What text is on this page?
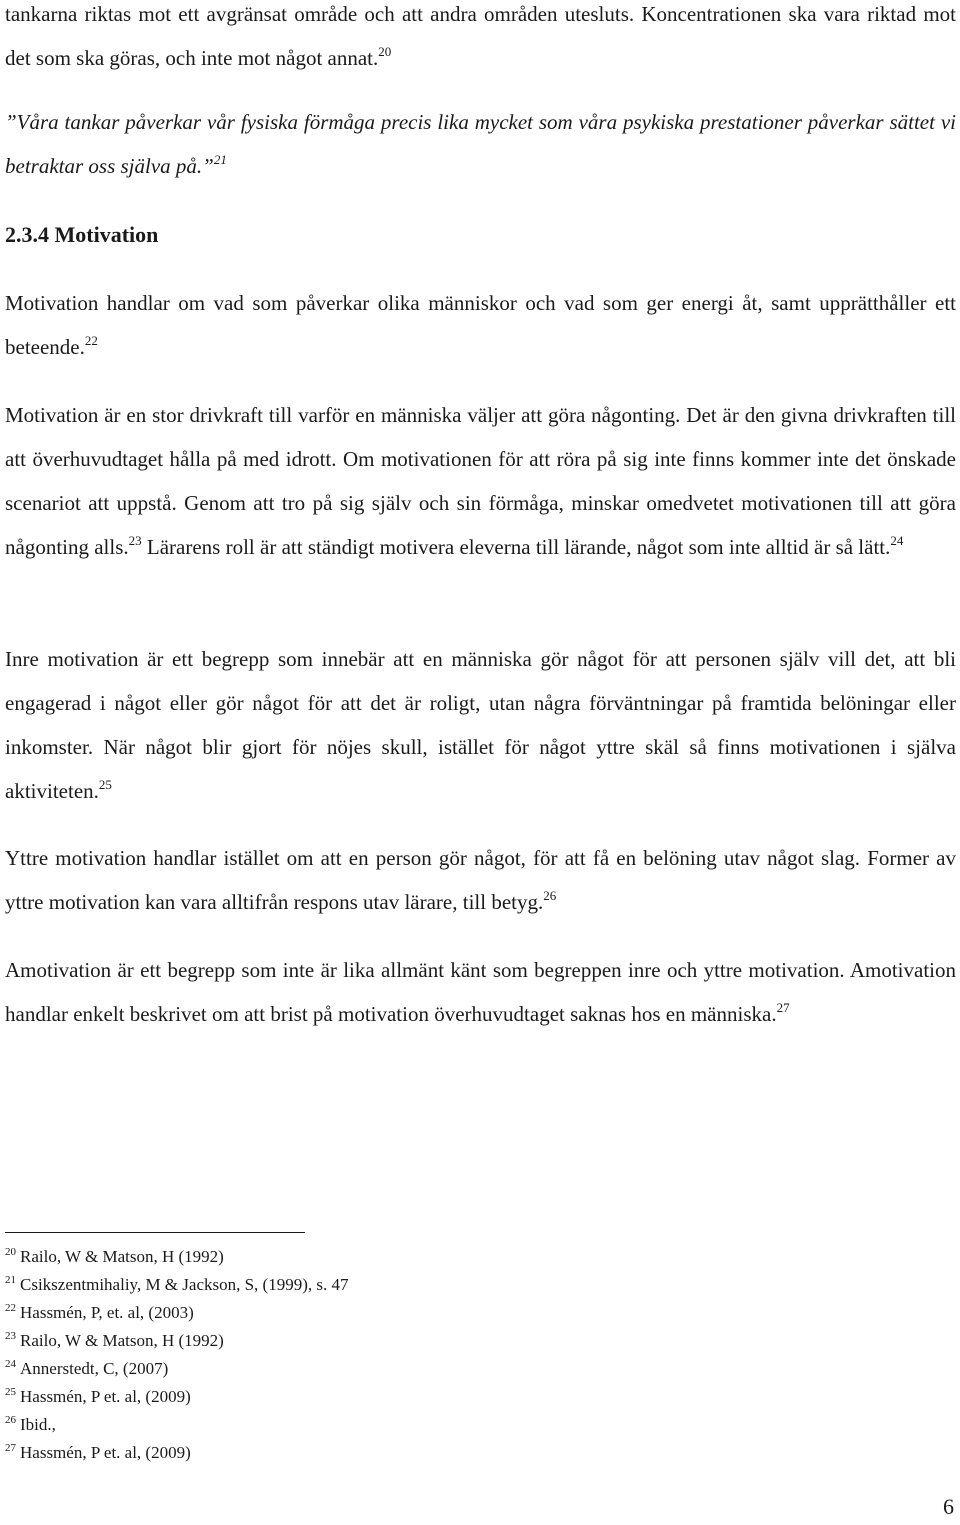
tankarna riktas mot ett avgränsat område och att andra områden utesluts. Koncentrationen ska vara riktad mot det som ska göras, och inte mot något annat.$^{20}$

”Våra tankar påverkar vår fysiska förmåga precis lika mycket som våra psykiska prestationer påverkar sättet vi betraktar oss själva på.”$^{21}$

2.3.4 Motivation

Motivation handlar om vad som påverkar olika människor och vad som ger energi åt, samt upprätthåller ett beteende.$^{22}$

Motivation är en stor drivkraft till varför en människa väljer att göra någonting. Det är den givna drivkraften till att överhuvudtaget hålla på med idrott. Om motivationen för att röra på sig inte finns kommer inte det önskade scenariot att uppstå. Genom att tro på sig själv och sin förmåga, minskar omedvetet motivationen till att göra någonting alls.$^{23}$ Lärarens roll är att ständigt motivera eleverna till lärande, något som inte alltid är så lätt.$^{24}$

Inre motivation är ett begrepp som innebär att en människa gör något för att personen själv vill det, att bli engagerad i något eller gör något för att det är roligt, utan några förväntningar på framtida belöningar eller inkomster. När något blir gjort för nöjes skull, istället för något yttre skäl så finns motivationen i själva aktiviteten.$^{25}$

Yttre motivation handlar istället om att en person gör något, för att få en belöning utav något slag. Former av yttre motivation kan vara alltifrån respons utav lärare, till betyg.$^{26}$

Amotivation är ett begrepp som inte är lika allmänt känt som begreppen inre och yttre motivation. Amotivation handlar enkelt beskrivet om att brist på motivation överhuvudtaget saknas hos en människa.$^{27}$

$^{20}$ Railo, W & Matson, H (1992)

$^{21}$ Csikszentmihaliy, M & Jackson, S, (1999), s. 47

$^{22}$ Hassmén, P, et. al, (2003)

$^{23}$ Railo, W & Matson, H (1992)

$^{24}$ Annerstedt, C, (2007)

$^{25}$ Hassmén, P et. al, (2009)

$^{26}$ Ibid.,

$^{27}$ Hassmén, P et. al, (2009)

6
